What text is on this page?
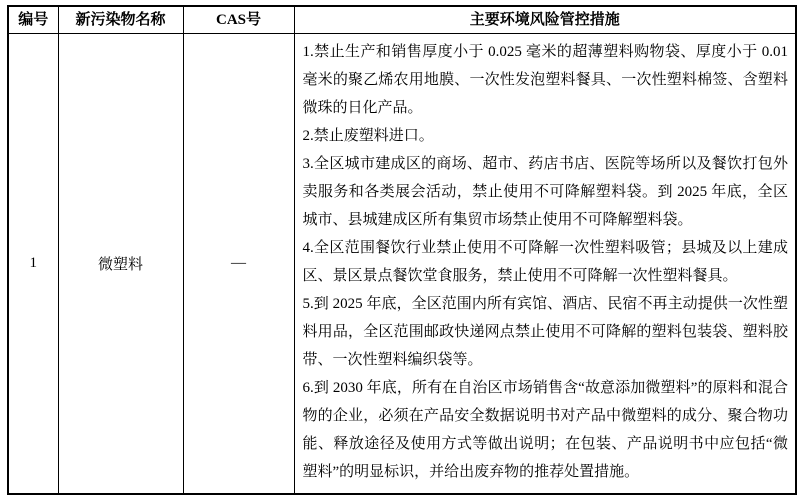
编号	新污染物名称	CAS号	主要环境风险管控措施
1	微塑料	—	

1.禁止生产和销售厚度小于 0.025 毫米的超薄塑料购物袋、厚度小于 0.01 毫米的聚乙烯农用地膜、一次性发泡塑料餐具、一次性塑料棉签、含塑料微珠的日化产品。

2.禁止废塑料进口。

3.全区城市建成区的商场、超市、药店书店、医院等场所以及餐饮打包外卖服务和各类展会活动，禁止使用不可降解塑料袋。到 2025 年底，全区城市、县城建成区所有集贸市场禁止使用不可降解塑料袋。

4.全区范围餐饮行业禁止使用不可降解一次性塑料吸管；县城及以上建成区、景区景点餐饮堂食服务，禁止使用不可降解一次性塑料餐具。

5.到 2025 年底，全区范围内所有宾馆、酒店、民宿不再主动提供一次性塑料用品，全区范围邮政快递网点禁止使用不可降解的塑料包装袋、塑料胶带、一次性塑料编织袋等。

6.到 2030 年底，所有在自治区市场销售含“故意添加微塑料”的原料和混合物的企业，必须在产品安全数据说明书对产品中微塑料的成分、聚合物功能、释放途径及使用方式等做出说明；在包装、产品说明书中应包括“微塑料”的明显标识，并给出废弃物的推荐处置措施。
